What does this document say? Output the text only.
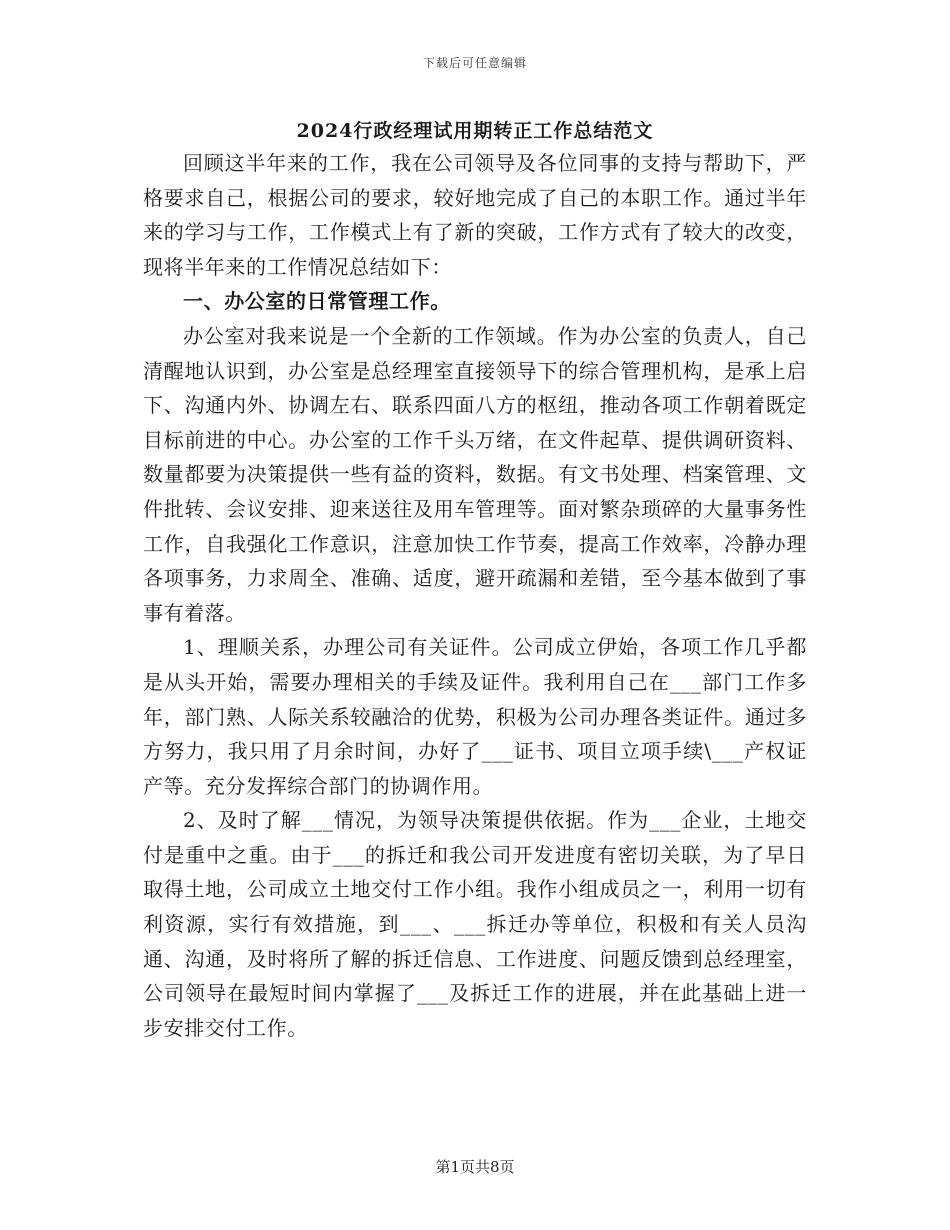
下载后可任意编辑
2024行政经理试用期转正工作总结范文

回顾这半年来的工作，我在公司领导及各位同事的支持与帮助下，严格要求自己，根据公司的要求，较好地完成了自己的本职工作。通过半年来的学习与工作，工作模式上有了新的突破，工作方式有了较大的改变，现将半年来的工作情况总结如下：

一、办公室的日常管理工作。

办公室对我来说是一个全新的工作领域。作为办公室的负责人，自己清醒地认识到，办公室是总经理室直接领导下的综合管理机构，是承上启下、沟通内外、协调左右、联系四面八方的枢纽，推动各项工作朝着既定目标前进的中心。办公室的工作千头万绪，在文件起草、提供调研资料、数量都要为决策提供一些有益的资料，数据。有文书处理、档案管理、文件批转、会议安排、迎来送往及用车管理等。面对繁杂琐碎的大量事务性工作，自我强化工作意识，注意加快工作节奏，提高工作效率，冷静办理各项事务，力求周全、准确、适度，避开疏漏和差错，至今基本做到了事事有着落。

1、理顺关系，办理公司有关证件。公司成立伊始，各项工作几乎都是从头开始，需要办理相关的手续及证件。我利用自己在___部门工作多年，部门熟、人际关系较融洽的优势，积极为公司办理各类证件。通过多方努力，我只用了月余时间，办好了___证书、项目立项手续\___产权证产等。充分发挥综合部门的协调作用。

2、及时了解___情况，为领导决策提供依据。作为___企业，土地交付是重中之重。由于___的拆迁和我公司开发进度有密切关联，为了早日取得土地，公司成立土地交付工作小组。我作小组成员之一，利用一切有利资源，实行有效措施，到___、___拆迁办等单位，积极和有关人员沟通、沟通，及时将所了解的拆迁信息、工作进度、问题反馈到总经理室，公司领导在最短时间内掌握了___及拆迁工作的进展，并在此基础上进一步安排交付工作。

第1页共8页
